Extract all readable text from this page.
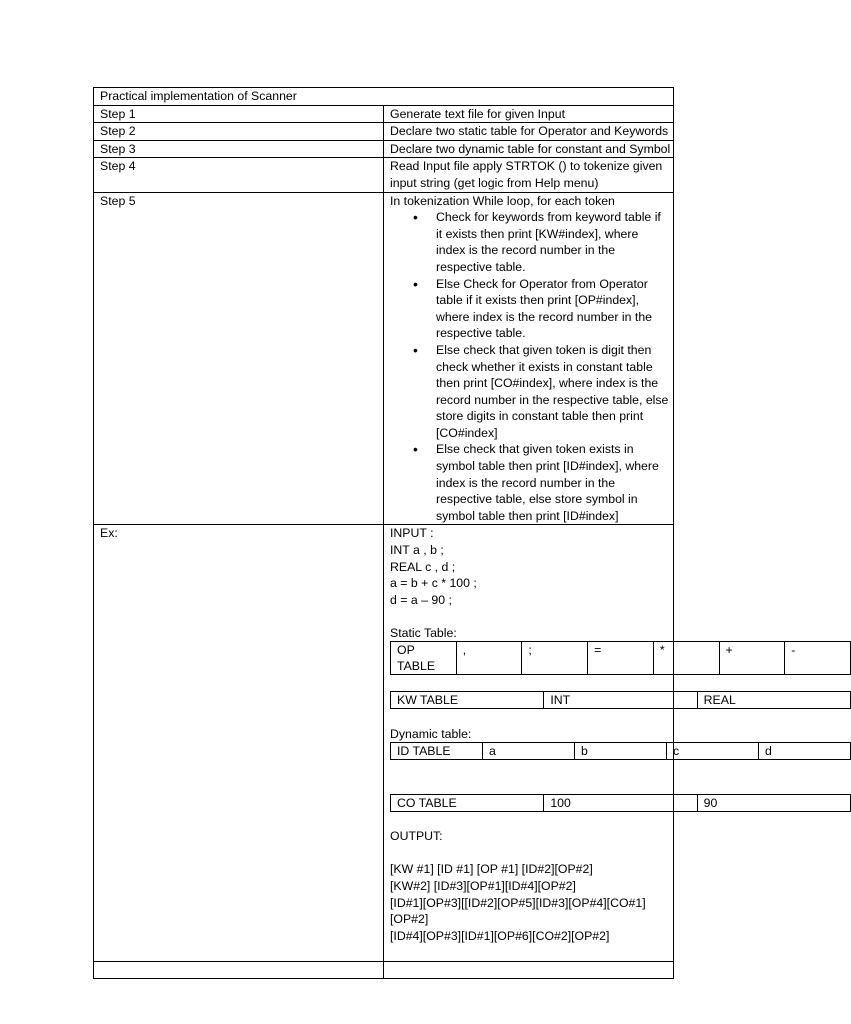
Practical implementation of Scanner
Step 1	Generate text file for given Input
Step 2	Declare two static table for Operator and Keywords
Step 3	Declare two dynamic table for constant and Symbol
Step 4	Read Input file apply STRTOK () to tokenize given input string (get logic from Help menu)
Step 5	In tokenization While loop, for each token
• Check for keywords from keyword table if it exists then print [KW#index], where index is the record number in the respective table.
• Else Check for Operator from Operator table if it exists then print [OP#index], where index is the record number in the respective table.
• Else check that given token is digit then check whether it exists in constant table then print [CO#index], where index is the record number in the respective table, else store digits in constant table then print [CO#index]
• Else check that given token exists in symbol table then print [ID#index], where index is the record number in the respective table, else store symbol in symbol table then print [ID#index]

Ex:	INPUT :
INT a , b ;
REAL c , d ;
a = b + c * 100 ;
d = a – 90 ;
Static Table:
OP TABLE	,	;	=	*	+	-
KW TABLE	INT	REAL
Dynamic table:
ID TABLE	a	b	c	d
CO TABLE	100	90
OUTPUT:
[KW #1] [ID #1] [OP #1] [ID#2][OP#2]
[KW#2] [ID#3][OP#1][ID#4][OP#2]
[ID#1][OP#3][[ID#2][OP#5][ID#3][OP#4][CO#1][OP#2]
[ID#4][OP#3][ID#1][OP#6][CO#2][OP#2]
